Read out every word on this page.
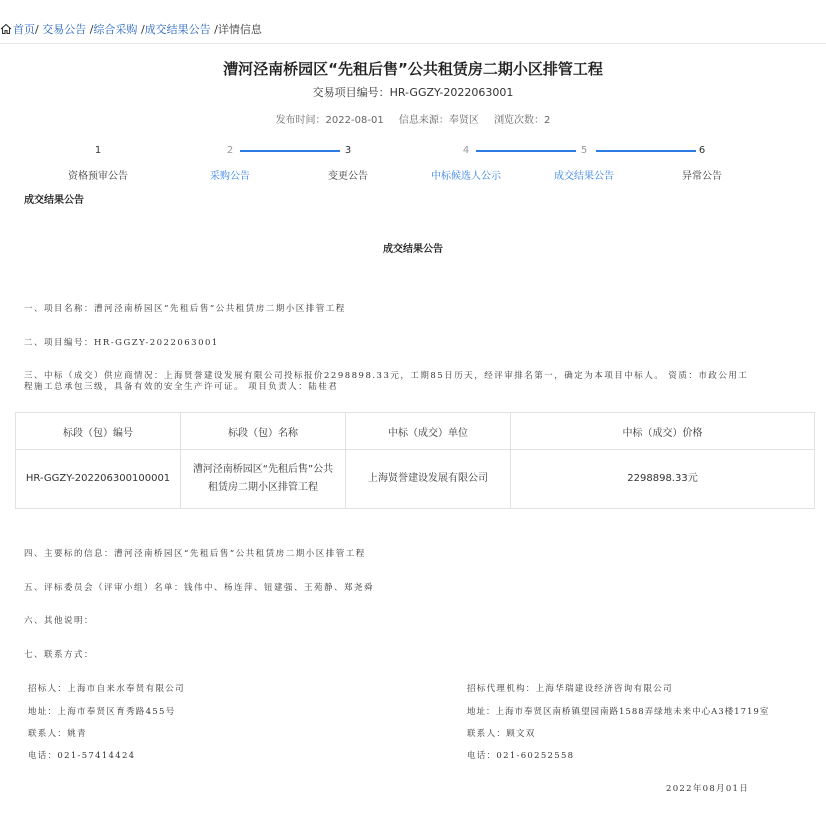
首页/ 交易公告 /综合采购 /成交结果公告 /详情信息
漕河泾南桥园区“先租后售”公共租赁房二期小区排管工程
交易项目编号：HR-GGZY-2022063001
发布时间：2022-08-01 信息来源：奉贤区 浏览次数：2
1
资格预审公告
2
采购公告
3
变更公告
4
中标候选人公示
5
成交结果公告
6
异常公告
成交结果公告
成交结果公告
一、项目名称：漕河泾南桥园区“先租后售”公共租赁房二期小区排管工程
二、项目编号：HR-GGZY-2022063001
三、中标（成交）供应商情况：上海贤誉建设发展有限公司投标报价2298898.33元，工期85日历天，经评审排名第一，确定为本项目中标人。 资质：市政公用工
程施工总承包三级，具备有效的安全生产许可证。 项目负责人：陆桂君
标段（包）编号	标段（包）名称	中标（成交）单位	中标（成交）价格
HR-GGZY-202206300100001	漕河泾南桥园区“先租后售”公共
租赁房二期小区排管工程	上海贤誉建设发展有限公司	2298898.33元
四、主要标的信息：漕河泾南桥园区“先租后售”公共租赁房二期小区排管工程
五、评标委员会（评审小组）名单：钱伟中、杨连萍、钮建强、王苑静、郑尧舜
六、其他说明：
七、联系方式：
招标人：上海市自来水奉贤有限公司
地址：上海市奉贤区育秀路455号
联系人：姚青
电话：021-57414424
招标代理机构：上海华瑞建设经济咨询有限公司
地址：上海市奉贤区南桥镇望园南路1588弄绿地未来中心A3楼1719室
联系人：顾文双
电话：021-60252558
2022年08月01日
